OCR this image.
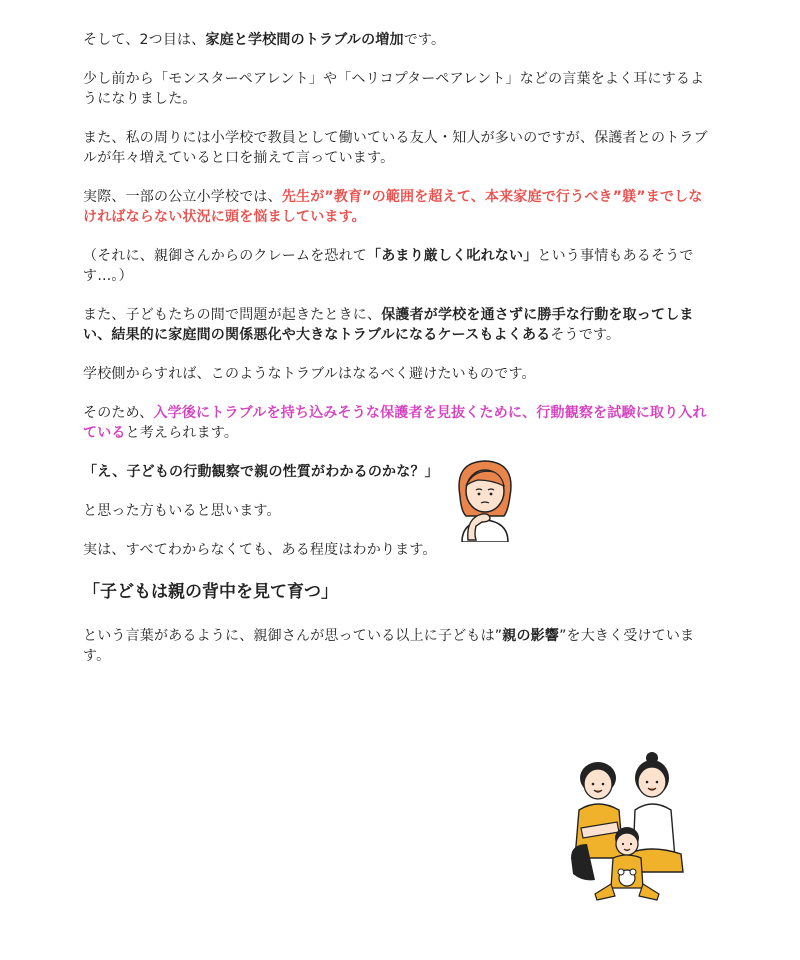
そして、2つ目は、家庭と学校間のトラブルの増加です。

少し前から「モンスターペアレント」や「ヘリコプターペアレント」などの言葉をよく耳にするようになりました。

また、私の周りには小学校で教員として働いている友人・知人が多いのですが、保護者とのトラブルが年々増えていると口を揃えて言っています。

実際、一部の公立小学校では、先生が”教育”の範囲を超えて、本来家庭で行うべき”躾”までしなければならない状況に頭を悩ましています。

（それに、親御さんからのクレームを恐れて「あまり厳しく叱れない」という事情もあるそうです…。）

また、子どもたちの間で問題が起きたときに、保護者が学校を通さずに勝手な行動を取ってしまい、結果的に家庭間の関係悪化や大きなトラブルになるケースもよくあるそうです。

学校側からすれば、このようなトラブルはなるべく避けたいものです。

そのため、入学後にトラブルを持ち込みそうな保護者を見抜くために、行動観察を試験に取り入れていると考えられます。

「え、子どもの行動観察で親の性質がわかるのかな？」

と思った方もいると思います。

実は、すべてわからなくても、ある程度はわかります。

「子どもは親の背中を見て育つ」

という言葉があるように、親御さんが思っている以上に子どもは”親の影響”を大きく受けています。
